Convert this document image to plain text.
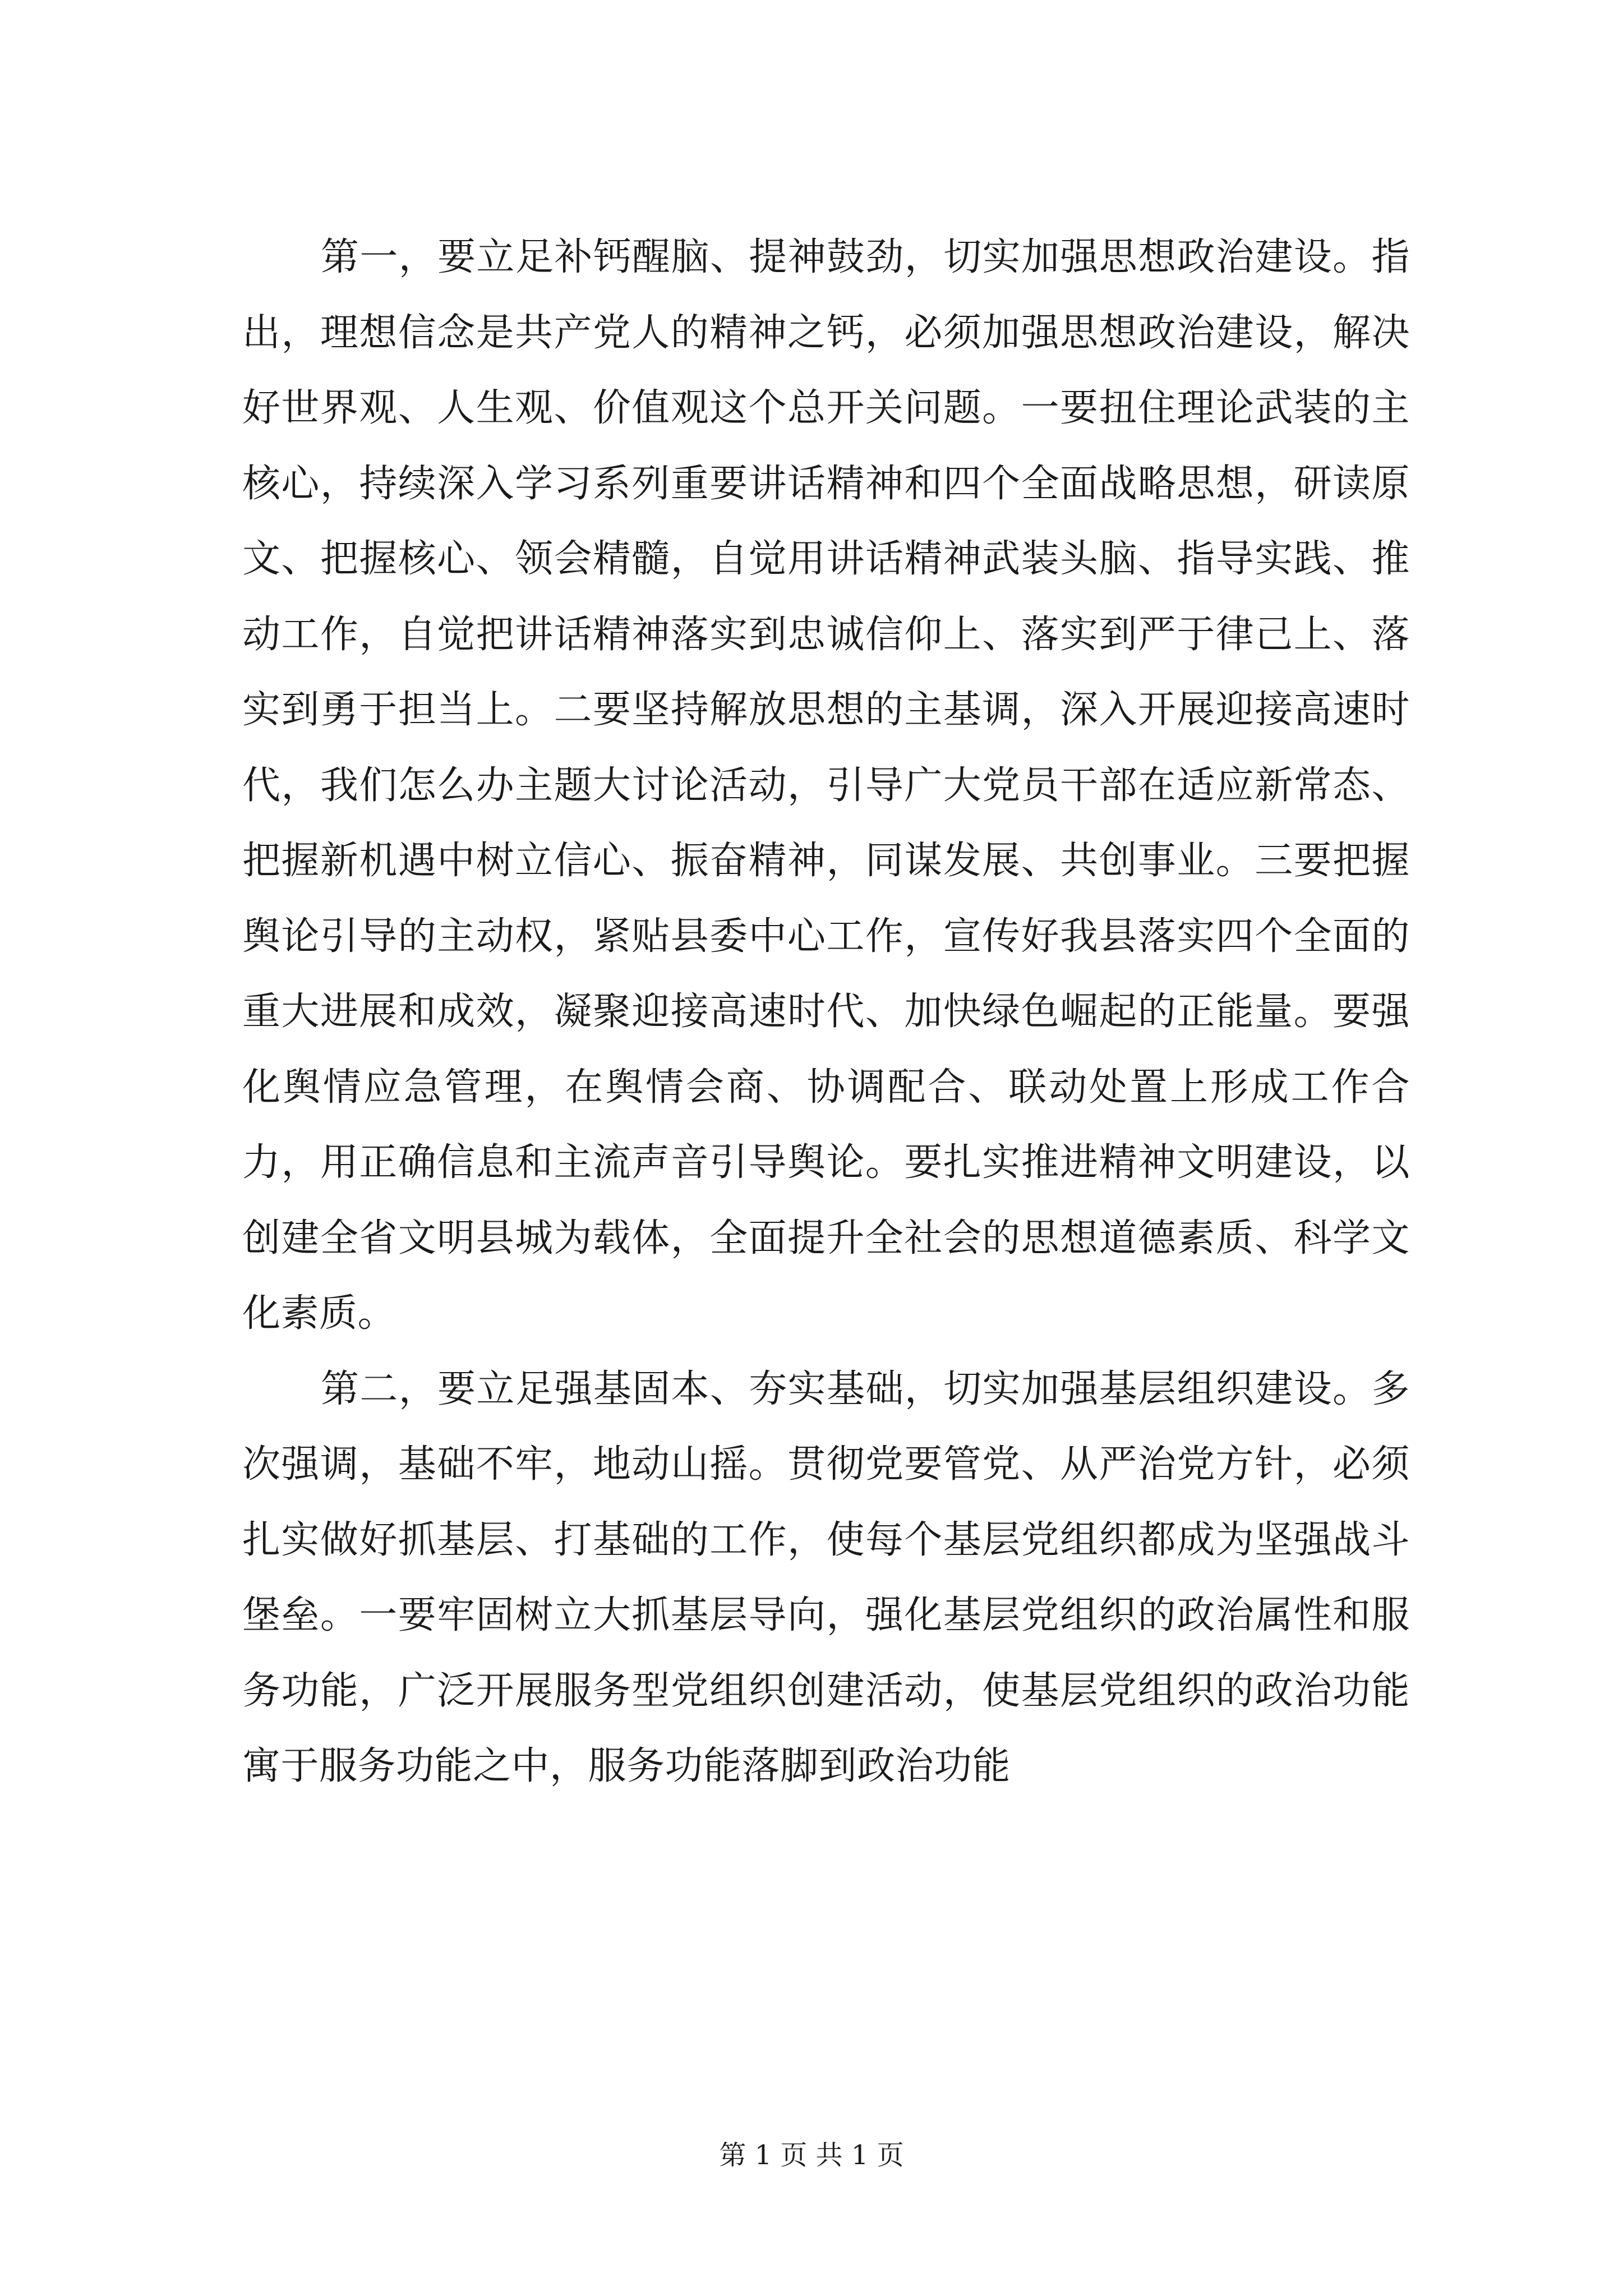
第一，要立足补钙醒脑、提神鼓劲，切实加强思想政治建设。指出，理想信念是共产党人的精神之钙，必须加强思想政治建设，解决好世界观、人生观、价值观这个总开关问题。一要扭住理论武装的主核心，持续深入学习系列重要讲话精神和四个全面战略思想，研读原文、把握核心、领会精髓，自觉用讲话精神武装头脑、指导实践、推动工作，自觉把讲话精神落实到忠诚信仰上、落实到严于律己上、落实到勇于担当上。二要坚持解放思想的主基调，深入开展迎接高速时代，我们怎么办主题大讨论活动，引导广大党员干部在适应新常态、把握新机遇中树立信心、振奋精神，同谋发展、共创事业。三要把握舆论引导的主动权，紧贴县委中心工作，宣传好我县落实四个全面的重大进展和成效，凝聚迎接高速时代、加快绿色崛起的正能量。要强化舆情应急管理，在舆情会商、协调配合、联动处置上形成工作合力，用正确信息和主流声音引导舆论。要扎实推进精神文明建设，以创建全省文明县城为载体，全面提升全社会的思想道德素质、科学文化素质。

第二，要立足强基固本、夯实基础，切实加强基层组织建设。多次强调，基础不牢，地动山摇。贯彻党要管党、从严治党方针，必须扎实做好抓基层、打基础的工作，使每个基层党组织都成为坚强战斗堡垒。一要牢固树立大抓基层导向，强化基层党组织的政治属性和服务功能，广泛开展服务型党组织创建活动，使基层党组织的政治功能寓于服务功能之中，服务功能落脚到政治功能

第 1 页 共 1 页
